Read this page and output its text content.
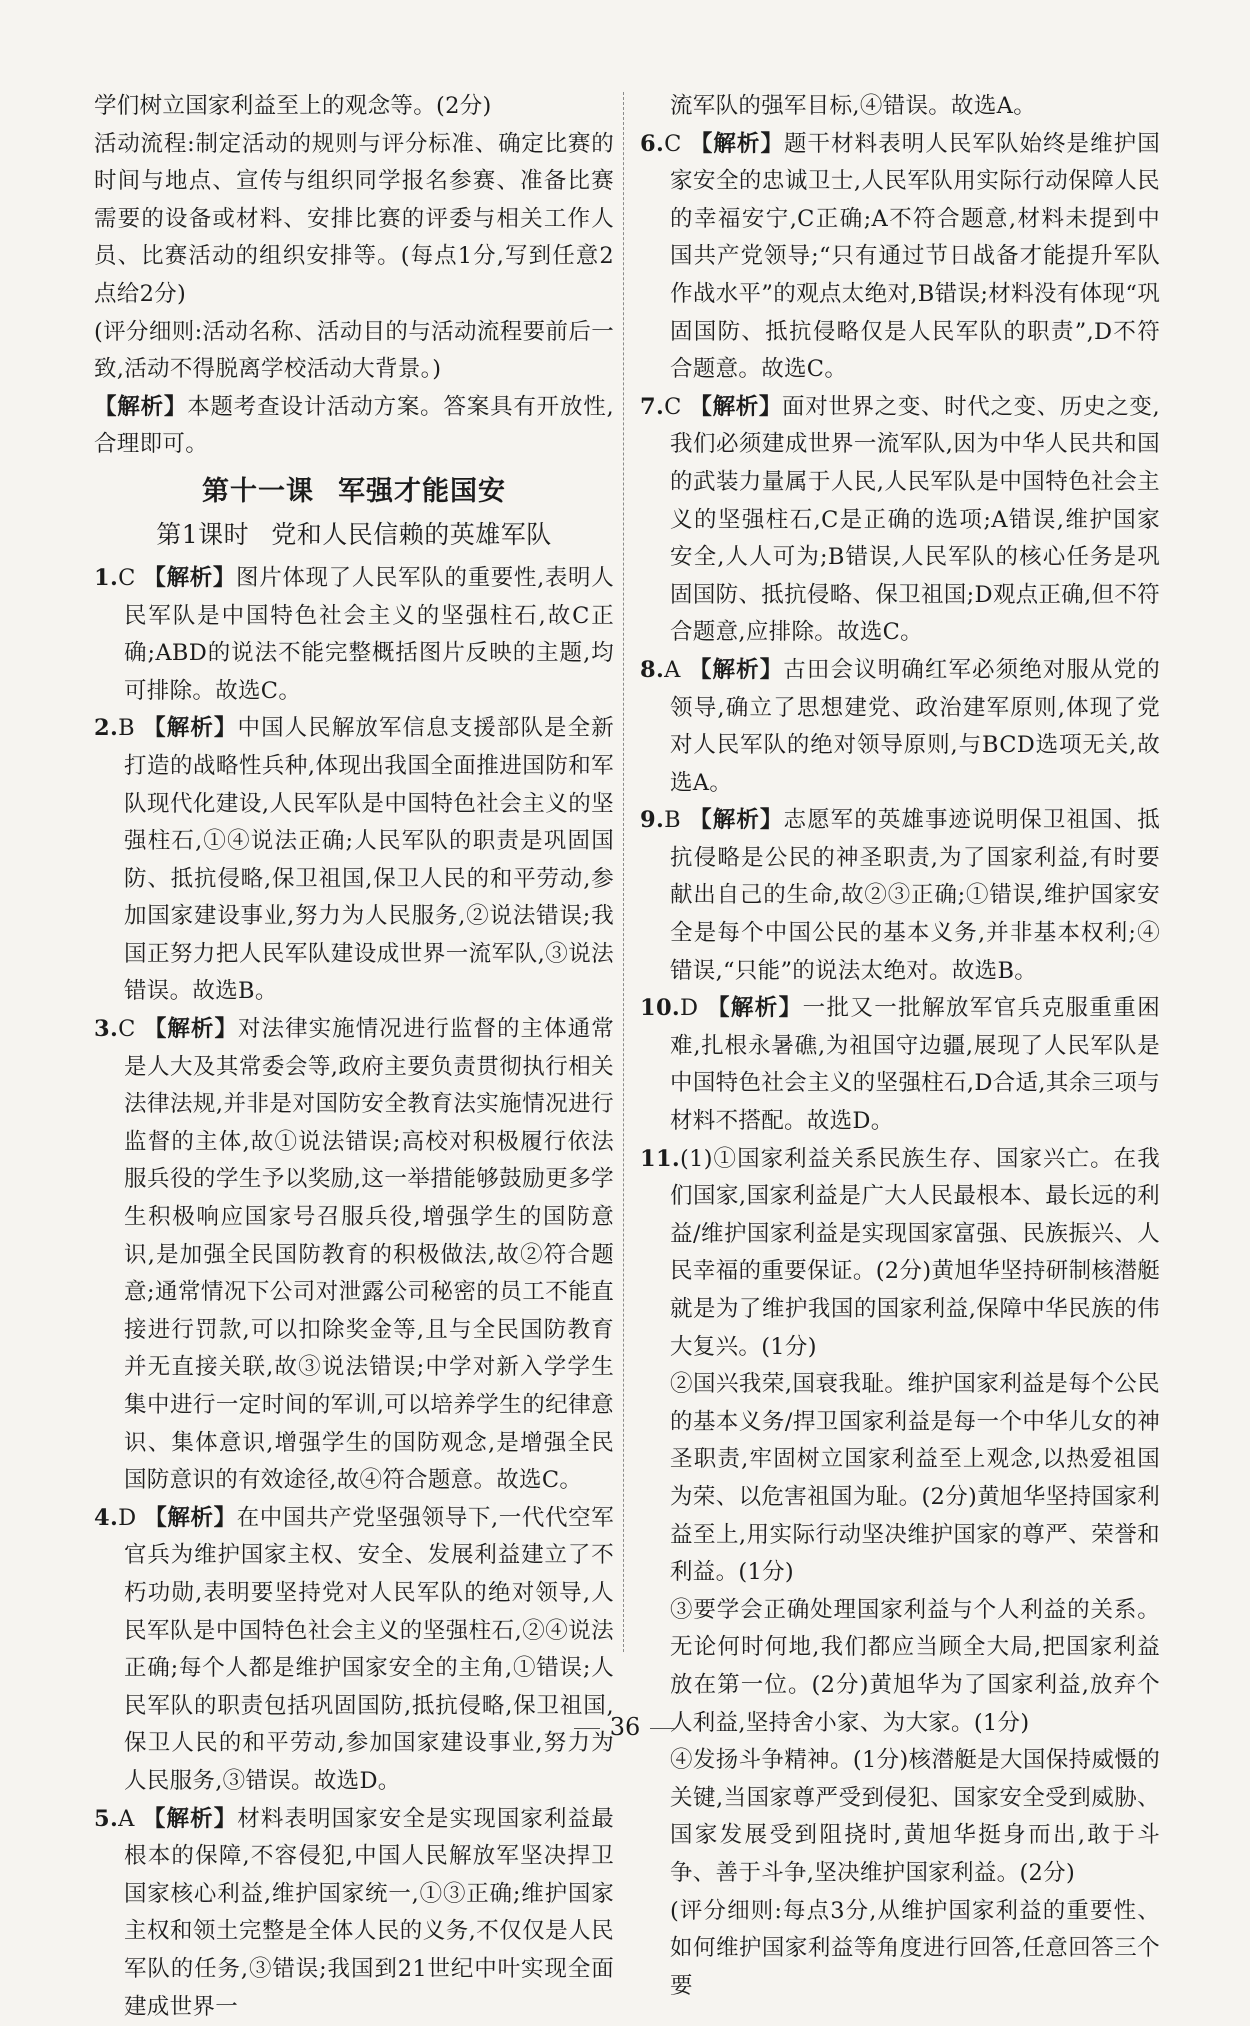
学们树立国家利益至上的观念等。(2分)

活动流程:制定活动的规则与评分标准、确定比赛的时间与地点、宣传与组织同学报名参赛、准备比赛需要的设备或材料、安排比赛的评委与相关工作人员、比赛活动的组织安排等。(每点1分,写到任意2点给2分)

(评分细则:活动名称、活动目的与活动流程要前后一致,活动不得脱离学校活动大背景。)

【解析】本题考查设计活动方案。答案具有开放性,合理即可。

第十一课 军强才能国安
第1课时 党和人民信赖的英雄军队

1.C 【解析】图片体现了人民军队的重要性,表明人民军队是中国特色社会主义的坚强柱石,故C正确;ABD的说法不能完整概括图片反映的主题,均可排除。故选C。

2.B 【解析】中国人民解放军信息支援部队是全新打造的战略性兵种,体现出我国全面推进国防和军队现代化建设,人民军队是中国特色社会主义的坚强柱石,①④说法正确;人民军队的职责是巩固国防、抵抗侵略,保卫祖国,保卫人民的和平劳动,参加国家建设事业,努力为人民服务,②说法错误;我国正努力把人民军队建设成世界一流军队,③说法错误。故选B。

3.C 【解析】对法律实施情况进行监督的主体通常是人大及其常委会等,政府主要负责贯彻执行相关法律法规,并非是对国防安全教育法实施情况进行监督的主体,故①说法错误;高校对积极履行依法服兵役的学生予以奖励,这一举措能够鼓励更多学生积极响应国家号召服兵役,增强学生的国防意识,是加强全民国防教育的积极做法,故②符合题意;通常情况下公司对泄露公司秘密的员工不能直接进行罚款,可以扣除奖金等,且与全民国防教育并无直接关联,故③说法错误;中学对新入学学生集中进行一定时间的军训,可以培养学生的纪律意识、集体意识,增强学生的国防观念,是增强全民国防意识的有效途径,故④符合题意。故选C。

4.D 【解析】在中国共产党坚强领导下,一代代空军官兵为维护国家主权、安全、发展利益建立了不朽功勋,表明要坚持党对人民军队的绝对领导,人民军队是中国特色社会主义的坚强柱石,②④说法正确;每个人都是维护国家安全的主角,①错误;人民军队的职责包括巩固国防,抵抗侵略,保卫祖国,保卫人民的和平劳动,参加国家建设事业,努力为人民服务,③错误。故选D。

5.A 【解析】材料表明国家安全是实现国家利益最根本的保障,不容侵犯,中国人民解放军坚决捍卫国家核心利益,维护国家统一,①③正确;维护国家主权和领土完整是全体人民的义务,不仅仅是人民军队的任务,③错误;我国到21世纪中叶实现全面建成世界一

流军队的强军目标,④错误。故选A。

6.C 【解析】题干材料表明人民军队始终是维护国家安全的忠诚卫士,人民军队用实际行动保障人民的幸福安宁,C正确;A不符合题意,材料未提到中国共产党领导;“只有通过节日战备才能提升军队作战水平”的观点太绝对,B错误;材料没有体现“巩固国防、抵抗侵略仅是人民军队的职责”,D不符合题意。故选C。

7.C 【解析】面对世界之变、时代之变、历史之变,我们必须建成世界一流军队,因为中华人民共和国的武装力量属于人民,人民军队是中国特色社会主义的坚强柱石,C是正确的选项;A错误,维护国家安全,人人可为;B错误,人民军队的核心任务是巩固国防、抵抗侵略、保卫祖国;D观点正确,但不符合题意,应排除。故选C。

8.A 【解析】古田会议明确红军必须绝对服从党的领导,确立了思想建党、政治建军原则,体现了党对人民军队的绝对领导原则,与BCD选项无关,故选A。

9.B 【解析】志愿军的英雄事迹说明保卫祖国、抵抗侵略是公民的神圣职责,为了国家利益,有时要献出自己的生命,故②③正确;①错误,维护国家安全是每个中国公民的基本义务,并非基本权利;④错误,“只能”的说法太绝对。故选B。

10.D 【解析】一批又一批解放军官兵克服重重困难,扎根永暑礁,为祖国守边疆,展现了人民军队是中国特色社会主义的坚强柱石,D合适,其余三项与材料不搭配。故选D。

11.(1)①国家利益关系民族生存、国家兴亡。在我们国家,国家利益是广大人民最根本、最长远的利益/维护国家利益是实现国家富强、民族振兴、人民幸福的重要保证。(2分)黄旭华坚持研制核潜艇就是为了维护我国的国家利益,保障中华民族的伟大复兴。(1分)

②国兴我荣,国衰我耻。维护国家利益是每个公民的基本义务/捍卫国家利益是每一个中华儿女的神圣职责,牢固树立国家利益至上观念,以热爱祖国为荣、以危害祖国为耻。(2分)黄旭华坚持国家利益至上,用实际行动坚决维护国家的尊严、荣誉和利益。(1分)

③要学会正确处理国家利益与个人利益的关系。无论何时何地,我们都应当顾全大局,把国家利益放在第一位。(2分)黄旭华为了国家利益,放弃个人利益,坚持舍小家、为大家。(1分)

④发扬斗争精神。(1分)核潜艇是大国保持威慑的关键,当国家尊严受到侵犯、国家安全受到威胁、国家发展受到阻挠时,黄旭华挺身而出,敢于斗争、善于斗争,坚决维护国家利益。(2分)

(评分细则:每点3分,从维护国家利益的重要性、如何维护国家利益等角度进行回答,任意回答三个要

36
